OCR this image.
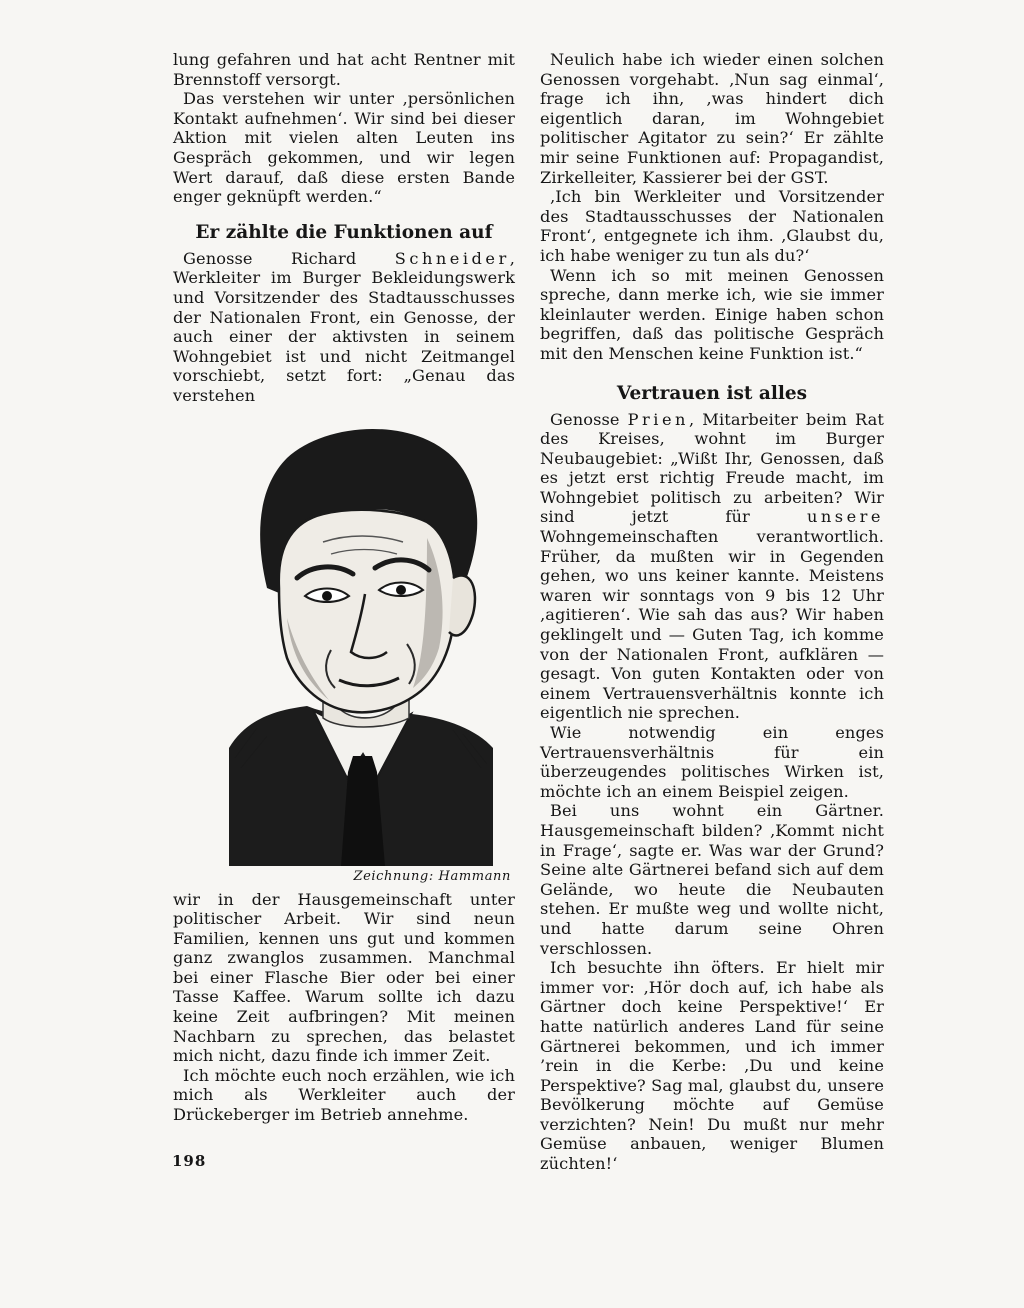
lung gefahren und hat acht Rentner mit Brennstoff versorgt.

Das verstehen wir unter ‚persönlichen Kontakt aufnehmen‘. Wir sind bei dieser Aktion mit vielen alten Leuten ins Gespräch gekommen, und wir legen Wert darauf, daß diese ersten Bande enger geknüpft werden.“

Er zählte die Funktionen auf

Genosse Richard Schneider, Werkleiter im Burger Bekleidungswerk und Vorsitzender des Stadtausschusses der Nationalen Front, ein Genosse, der auch einer der aktivsten in seinem Wohngebiet ist und nicht Zeitmangel vorschiebt, setzt fort: „Genau das verstehen

Zeichnung: Hammann

wir in der Hausgemeinschaft unter politischer Arbeit. Wir sind neun Familien, kennen uns gut und kommen ganz zwanglos zusammen. Manchmal bei einer Flasche Bier oder bei einer Tasse Kaffee. Warum sollte ich dazu keine Zeit aufbringen? Mit meinen Nachbarn zu sprechen, das belastet mich nicht, dazu finde ich immer Zeit.

Ich möchte euch noch erzählen, wie ich mich als Werkleiter auch der Drückeberger im Betrieb annehme.

Neulich habe ich wieder einen solchen Genossen vorgehabt. ‚Nun sag einmal‘, frage ich ihn, ‚was hindert dich eigentlich daran, im Wohngebiet politischer Agitator zu sein?‘ Er zählte mir seine Funktionen auf: Propagandist, Zirkelleiter, Kassierer bei der GST.

‚Ich bin Werkleiter und Vorsitzender des Stadtausschusses der Nationalen Front‘, entgegnete ich ihm. ‚Glaubst du, ich habe weniger zu tun als du?‘

Wenn ich so mit meinen Genossen spreche, dann merke ich, wie sie immer kleinlauter werden. Einige haben schon begriffen, daß das politische Gespräch mit den Menschen keine Funktion ist.“

Vertrauen ist alles

Genosse Prien, Mitarbeiter beim Rat des Kreises, wohnt im Burger Neubaugebiet: „Wißt Ihr, Genossen, daß es jetzt erst richtig Freude macht, im Wohngebiet politisch zu arbeiten? Wir sind jetzt für unsere Wohngemeinschaften verantwortlich. Früher, da mußten wir in Gegenden gehen, wo uns keiner kannte. Meistens waren wir sonntags von 9 bis 12 Uhr ‚agitieren‘. Wie sah das aus? Wir haben geklingelt und — Guten Tag, ich komme von der Nationalen Front, aufklären — gesagt. Von guten Kontakten oder von einem Vertrauensverhältnis konnte ich eigentlich nie sprechen.

Wie notwendig ein enges Vertrauensverhältnis für ein überzeugendes politisches Wirken ist, möchte ich an einem Beispiel zeigen.

Bei uns wohnt ein Gärtner. Hausgemeinschaft bilden? ‚Kommt nicht in Frage‘, sagte er. Was war der Grund? Seine alte Gärtnerei befand sich auf dem Gelände, wo heute die Neubauten stehen. Er mußte weg und wollte nicht, und hatte darum seine Ohren verschlossen.

Ich besuchte ihn öfters. Er hielt mir immer vor: ‚Hör doch auf, ich habe als Gärtner doch keine Perspektive!‘ Er hatte natürlich anderes Land für seine Gärtnerei bekommen, und ich immer ’rein in die Kerbe: ‚Du und keine Perspektive? Sag mal, glaubst du, unsere Bevölkerung möchte auf Gemüse verzichten? Nein! Du mußt nur mehr Gemüse anbauen, weniger Blumen züchten!‘

198
